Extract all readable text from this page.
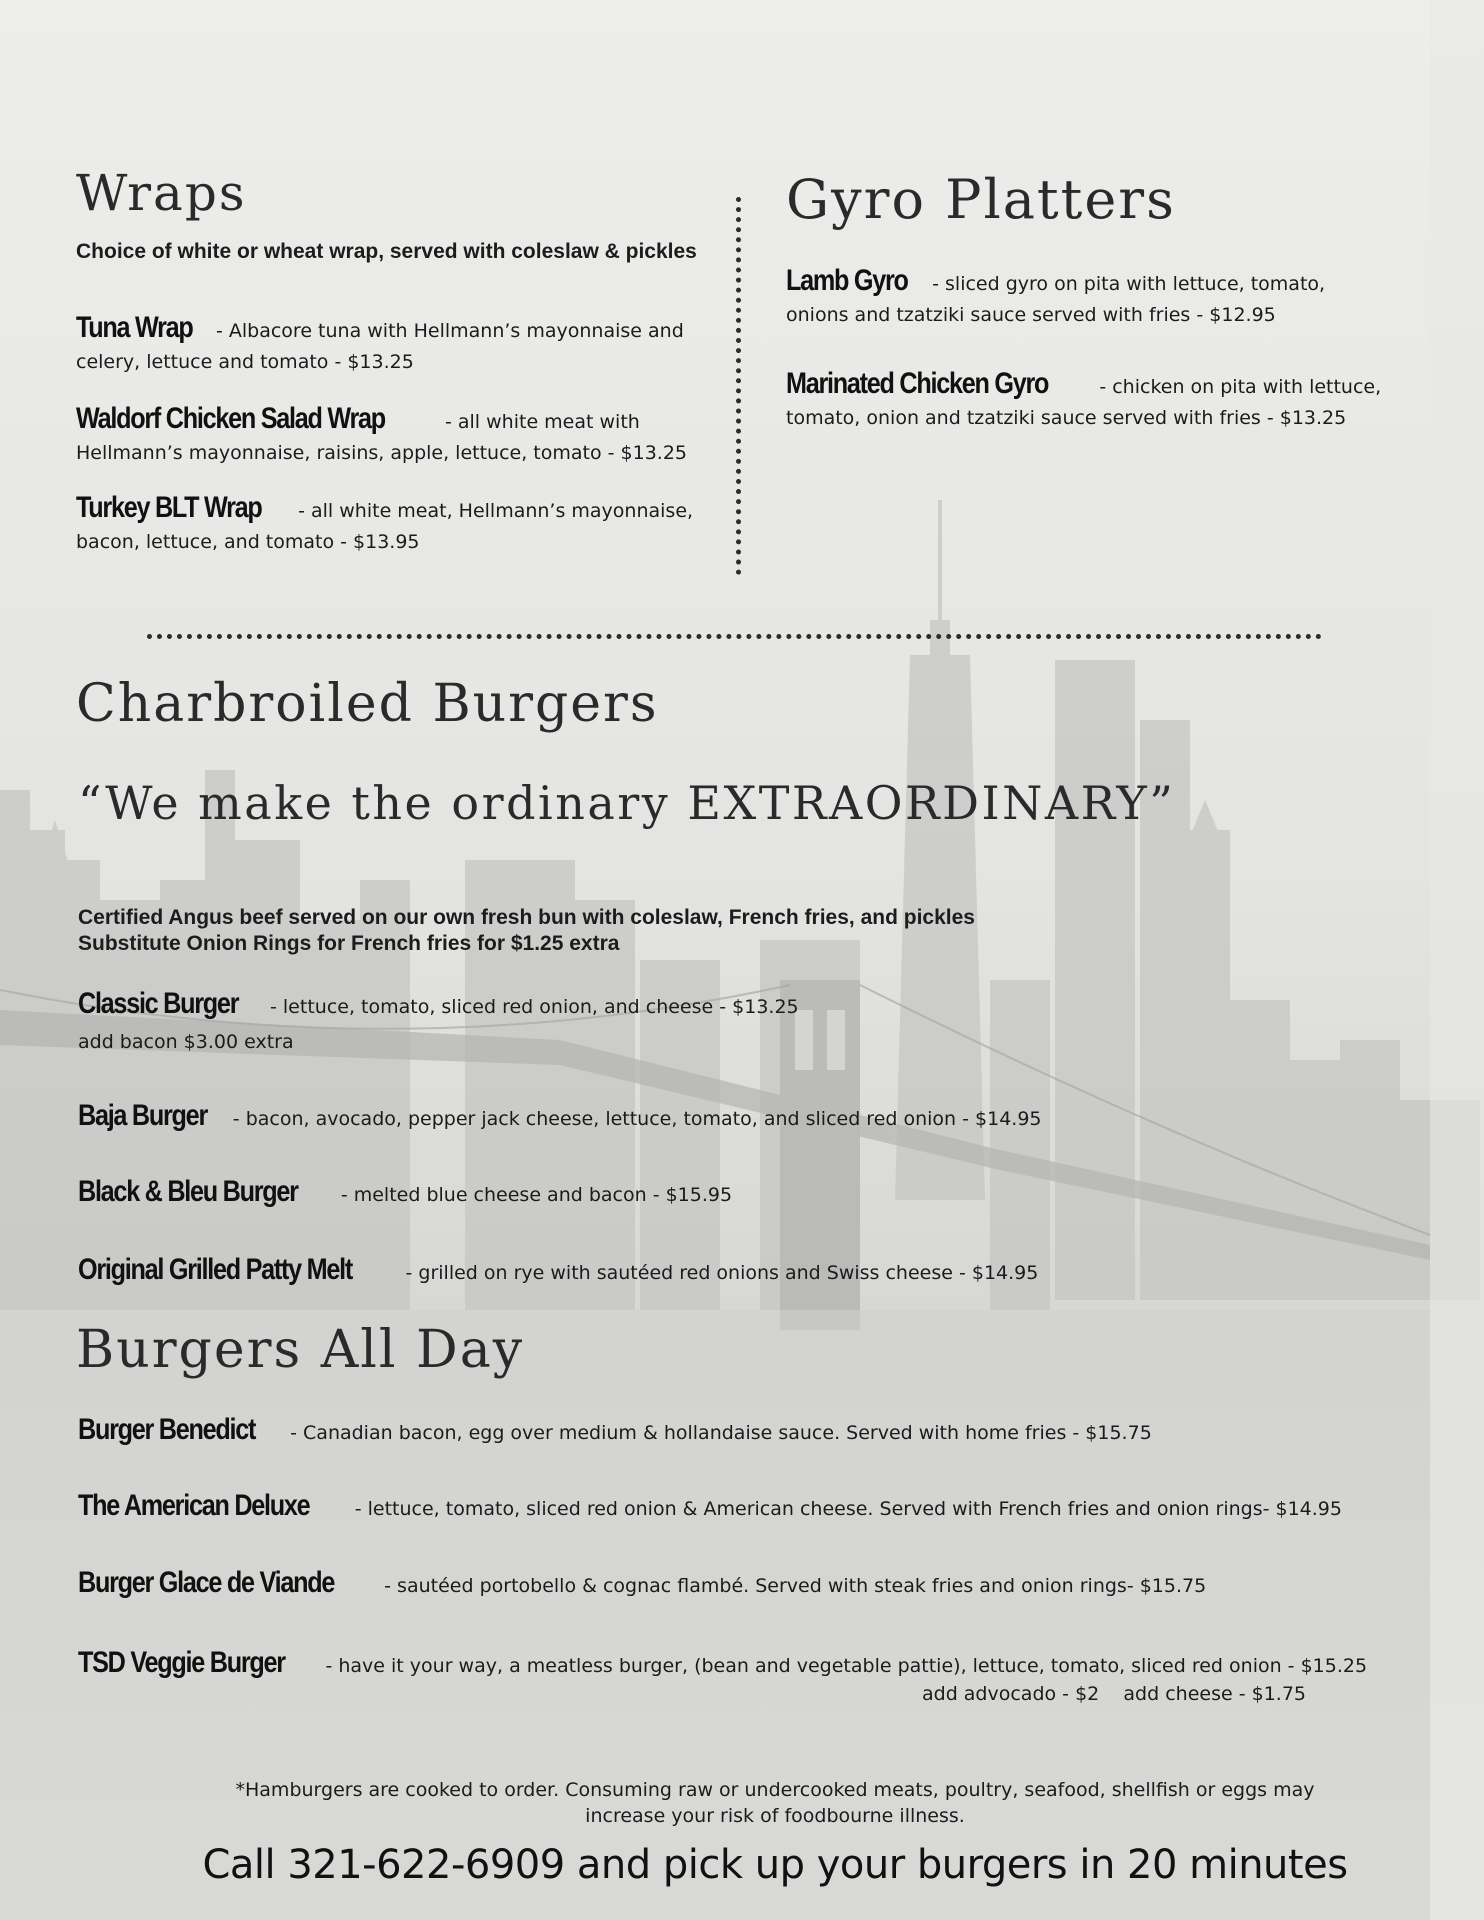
Wraps
Choice of white or wheat wrap, served with coleslaw & pickles
Tuna Wrap - Albacore tuna with Hellmann’s mayonnaise and celery, lettuce and tomato - $13.25
Waldorf Chicken Salad Wrap	- all white meat with Hellmann’s mayonnaise, raisins, apple, lettuce, tomato - $13.25
Turkey BLT Wrap - all white meat, Hellmann’s mayonnaise, bacon, lettuce, and tomato - $13.95
Gyro Platters
Lamb Gyro - sliced gyro on pita with lettuce, tomato, onions and tzatziki sauce served with fries - $12.95
Marinated Chicken Gyro - chicken on pita with lettuce, tomato, onion and tzatziki sauce served with fries - $13.25
Charbroiled Burgers
“We make the ordinary EXTRAORDINARY”
Certified Angus beef served on our own fresh bun with coleslaw, French fries, and pickles
Substitute Onion Rings for French fries for $1.25 extra
Classic Burger - lettuce, tomato, sliced red onion, and cheese - $13.25
add bacon $3.00 extra
Baja Burger - bacon, avocado, pepper jack cheese, lettuce, tomato, and sliced red onion - $14.95
Black & Bleu Burger - melted blue cheese and bacon - $15.95
Original Grilled Patty Melt - grilled on rye with sautéed red onions and Swiss cheese - $14.95
Burgers All Day
Burger Benedict - Canadian bacon, egg over medium & hollandaise sauce. Served with home fries - $15.75
The American Deluxe - lettuce, tomato, sliced red onion & American cheese. Served with French fries and onion rings- $14.95
Burger Glace de Viande - sautéed portobello & cognac flambé. Served with steak fries and onion rings- $15.75
TSD Veggie Burger - have it your way, a meatless burger, (bean and vegetable pattie), lettuce, tomato, sliced red onion - $15.25
add advocado - $2    add cheese - $1.75
*Hamburgers are cooked to order. Consuming raw or undercooked meats, poultry, seafood, shellfish or eggs may increase your risk of foodbourne illness.
Call 321-622-6909 and pick up your burgers in 20 minutes
